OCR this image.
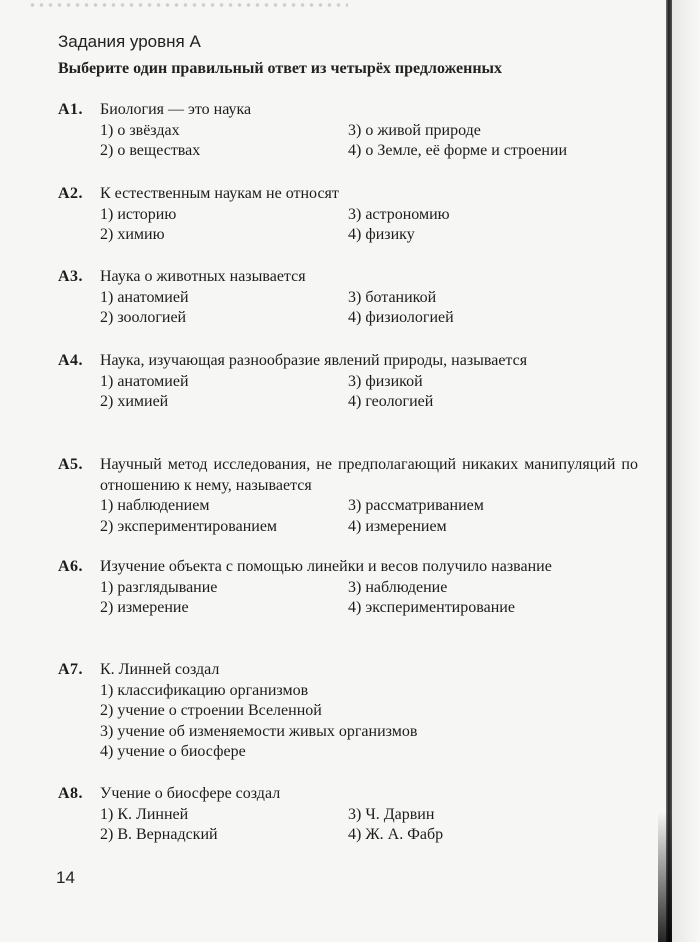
Задания уровня А
Выберите один правильный ответ из четырёх предложенных
А1.	Биология — это наука
1) о звёздах	3) о живой природе
2) о веществах	4) о Земле, её форме и строении
А2.	К естественным наукам не относят
1) историю	3) астрономию
2) химию	4) физику
А3.	Наука о животных называется
1) анатомией	3) ботаникой
2) зоологией	4) физиологией
А4.	Наука, изучающая разнообразие явлений природы, называется
1) анатомией	3) физикой
2) химией	4) геологией
А5.	Научный метод исследования, не предполагающий никаких манипуляций по отношению к нему, называется
1) наблюдением	3) рассматриванием
2) экспериментированием	4) измерением
А6.	Изучение объекта с помощью линейки и весов получило название
1) разглядывание	3) наблюдение
2) измерение	4) экспериментирование
А7.	К. Линней создал
1) классификацию организмов
2) учение о строении Вселенной
3) учение об изменяемости живых организмов
4) учение о биосфере
А8.	Учение о биосфере создал
1) К. Линней	3) Ч. Дарвин
2) В. Вернадский	4) Ж. А. Фабр
14
